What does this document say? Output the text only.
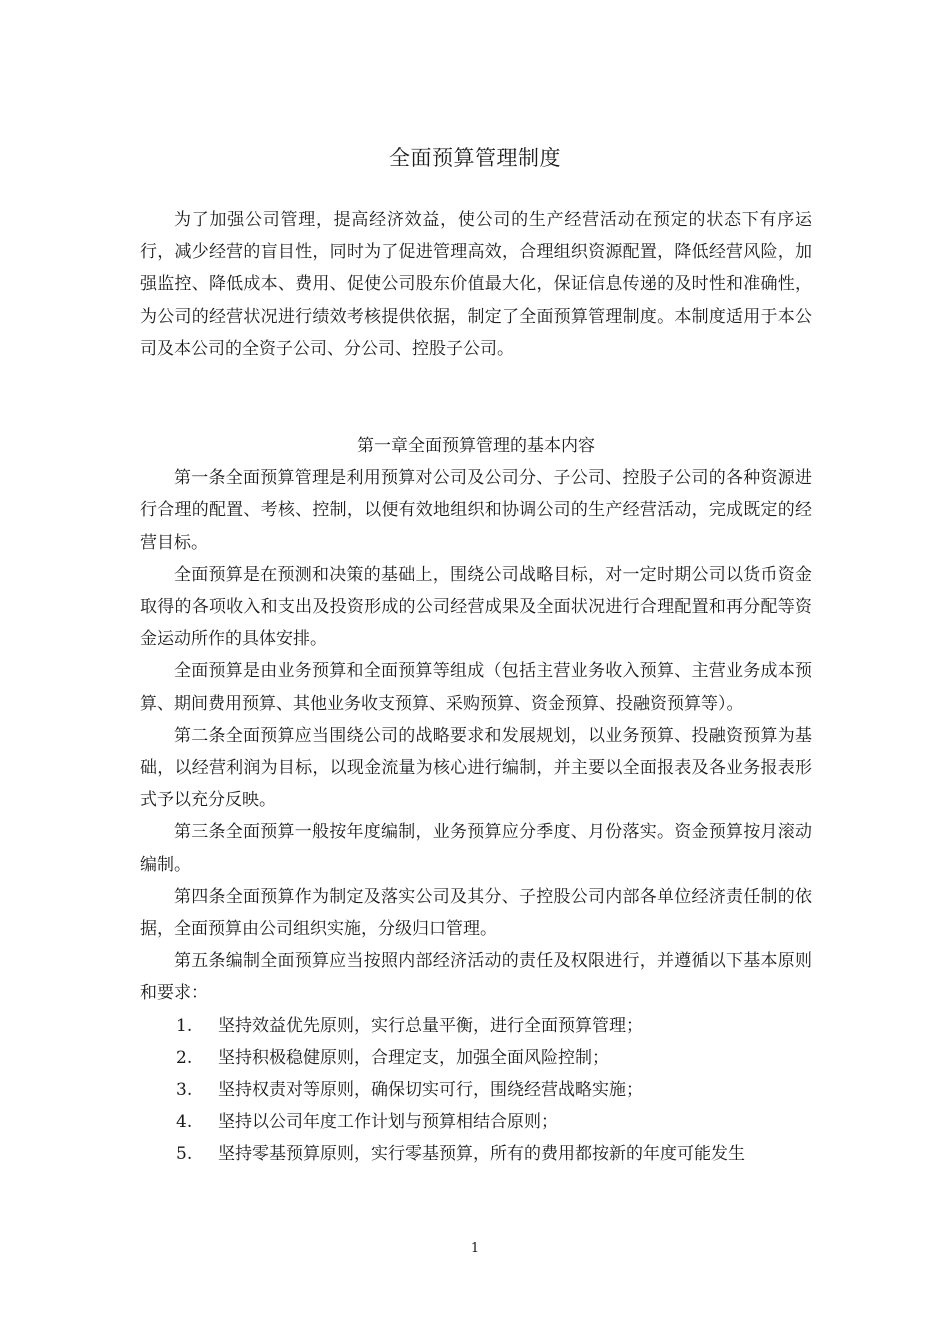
全面预算管理制度

为了加强公司管理，提高经济效益，使公司的生产经营活动在预定的状态下有序运行，减少经营的盲目性，同时为了促进管理高效，合理组织资源配置，降低经营风险，加强监控、降低成本、费用、促使公司股东价值最大化，保证信息传递的及时性和准确性，为公司的经营状况进行绩效考核提供依据，制定了全面预算管理制度。本制度适用于本公司及本公司的全资子公司、分公司、控股子公司。

第一章全面预算管理的基本内容

第一条全面预算管理是利用预算对公司及公司分、子公司、控股子公司的各种资源进行合理的配置、考核、控制，以便有效地组织和协调公司的生产经营活动，完成既定的经营目标。

全面预算是在预测和决策的基础上，围绕公司战略目标，对一定时期公司以货币资金取得的各项收入和支出及投资形成的公司经营成果及全面状况进行合理配置和再分配等资金运动所作的具体安排。

全面预算是由业务预算和全面预算等组成（包括主营业务收入预算、主营业务成本预算、期间费用预算、其他业务收支预算、采购预算、资金预算、投融资预算等）。

第二条全面预算应当围绕公司的战略要求和发展规划，以业务预算、投融资预算为基础，以经营利润为目标，以现金流量为核心进行编制，并主要以全面报表及各业务报表形式予以充分反映。

第三条全面预算一般按年度编制，业务预算应分季度、月份落实。资金预算按月滚动编制。

第四条全面预算作为制定及落实公司及其分、子控股公司内部各单位经济责任制的依据，全面预算由公司组织实施，分级归口管理。

第五条编制全面预算应当按照内部经济活动的责任及权限进行，并遵循以下基本原则和要求：

1.	坚持效益优先原则，实行总量平衡，进行全面预算管理；
2.	坚持积极稳健原则，合理定支，加强全面风险控制；
3.	坚持权责对等原则，确保切实可行，围绕经营战略实施；
4.	坚持以公司年度工作计划与预算相结合原则；
5.	坚持零基预算原则，实行零基预算，所有的费用都按新的年度可能发生
1
